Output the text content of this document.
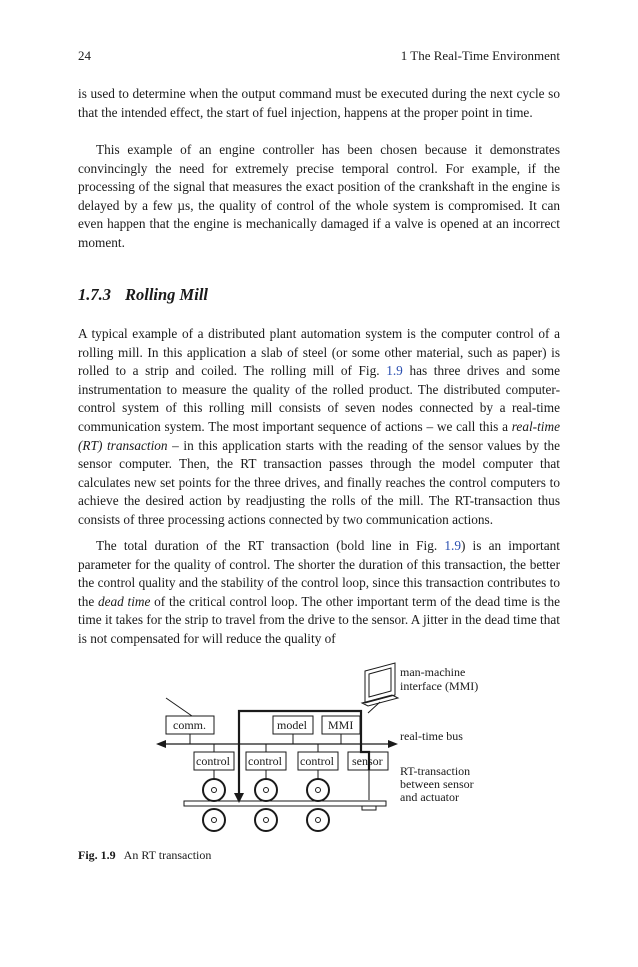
24	1 The Real-Time Environment

is used to determine when the output command must be executed during the next cycle so that the intended effect, the start of fuel injection, happens at the proper point in time.

This example of an engine controller has been chosen because it demonstrates convincingly the need for extremely precise temporal control. For example, if the processing of the signal that measures the exact position of the crankshaft in the engine is delayed by a few µs, the quality of control of the whole system is compromised. It can even happen that the engine is mechanically damaged if a valve is opened at an incorrect moment.

1.7.3 Rolling Mill

A typical example of a distributed plant automation system is the computer control of a rolling mill. In this application a slab of steel (or some other material, such as paper) is rolled to a strip and coiled. The rolling mill of Fig. 1.9 has three drives and some instrumentation to measure the quality of the rolled product. The distributed computer-control system of this rolling mill consists of seven nodes connected by a real-time communication system. The most important sequence of actions – we call this a real-time (RT) transaction – in this application starts with the reading of the sensor values by the sensor computer. Then, the RT transaction passes through the model computer that calculates new set points for the three drives, and finally reaches the control computers to achieve the desired action by readjusting the rolls of the mill. The RT-transaction thus consists of three processing actions connected by two communication actions.

The total duration of the RT transaction (bold line in Fig. 1.9) is an important parameter for the quality of control. The shorter the duration of this transaction, the better the control quality and the stability of the control loop, since this transaction contributes to the dead time of the critical control loop. The other important term of the dead time is the time it takes for the strip to travel from the drive to the sensor. A jitter in the dead time that is not compensated for will reduce the quality of

man-machine
interface (MMI)
comm.	model MMI
real-time bus
control control control sensor
RT-transaction
between sensor
and actuator
Fig. 1.9 An RT transaction
